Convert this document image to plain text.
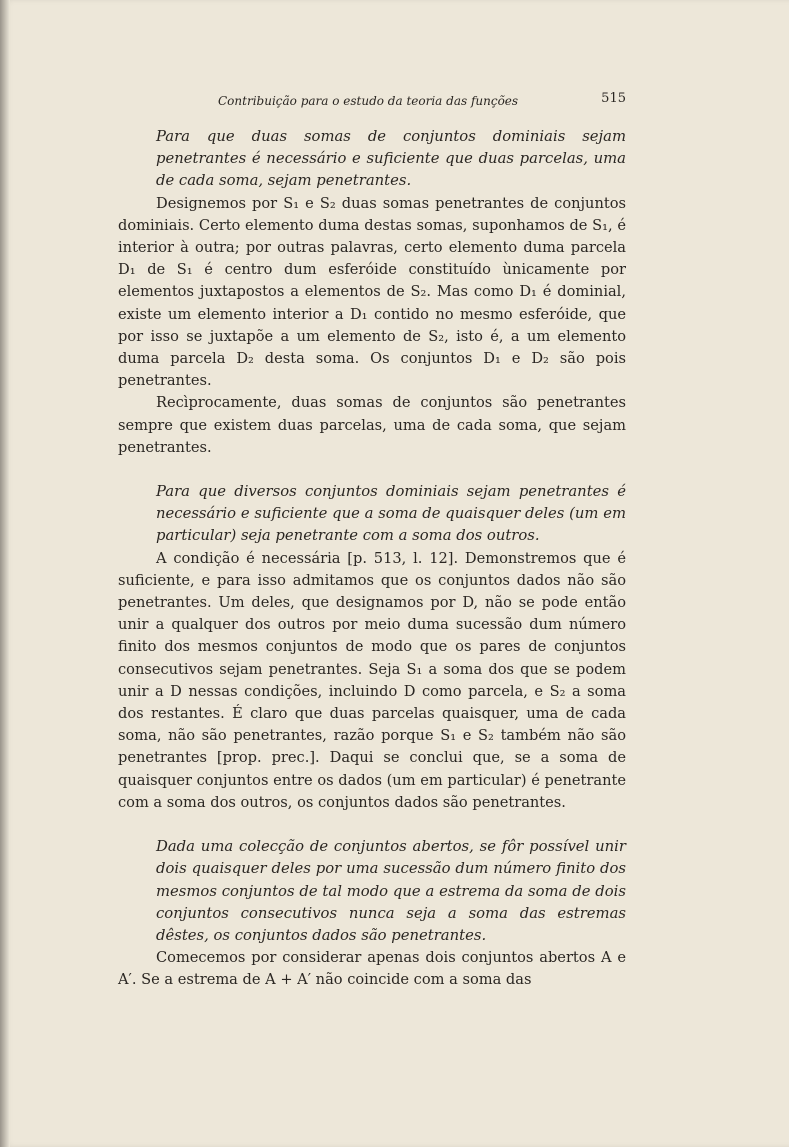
Contribuição para o estudo da teoria das funções	515

Para que duas somas de conjuntos dominiais sejam penetrantes é necessário e suficiente que duas parcelas, uma de cada soma, sejam penetrantes.

Designemos por S₁ e S₂ duas somas penetrantes de conjuntos dominiais. Certo elemento duma destas somas, suponhamos de S₁, é interior à outra; por outras palavras, certo elemento duma parcela D₁ de S₁ é centro dum esferóide constituído ùnicamente por elementos juxtapostos a elementos de S₂. Mas como D₁ é dominial, existe um elemento interior a D₁ contido no mesmo esferóide, que por isso se juxtapõe a um elemento de S₂, isto é, a um elemento duma parcela D₂ desta soma. Os conjuntos D₁ e D₂ são pois penetrantes.

Recìprocamente, duas somas de conjuntos são penetrantes sempre que existem duas parcelas, uma de cada soma, que sejam penetrantes.

Para que diversos conjuntos dominiais sejam penetrantes é necessário e suficiente que a soma de quaisquer deles (um em particular) seja penetrante com a soma dos outros.

A condição é necessária [p. 513, l. 12]. Demonstremos que é suficiente, e para isso admitamos que os conjuntos dados não são penetrantes. Um deles, que designamos por D, não se pode então unir a qualquer dos outros por meio duma sucessão dum número finito dos mesmos conjuntos de modo que os pares de conjuntos consecutivos sejam penetrantes. Seja S₁ a soma dos que se podem unir a D nessas condições, incluindo D como parcela, e S₂ a soma dos restantes. É claro que duas parcelas quaisquer, uma de cada soma, não são penetrantes, razão porque S₁ e S₂ também não são penetrantes [prop. prec.]. Daqui se conclui que, se a soma de quaisquer conjuntos entre os dados (um em particular) é penetrante com a soma dos outros, os conjuntos dados são penetrantes.

Dada uma colecção de conjuntos abertos, se fôr possível unir dois quaisquer deles por uma sucessão dum número finito dos mesmos conjuntos de tal modo que a estrema da soma de dois conjuntos consecutivos nunca seja a soma das estremas dêstes, os conjuntos dados são penetrantes.

Comecemos por considerar apenas dois conjuntos abertos A e A′. Se a estrema de A + A′ não coincide com a soma das
